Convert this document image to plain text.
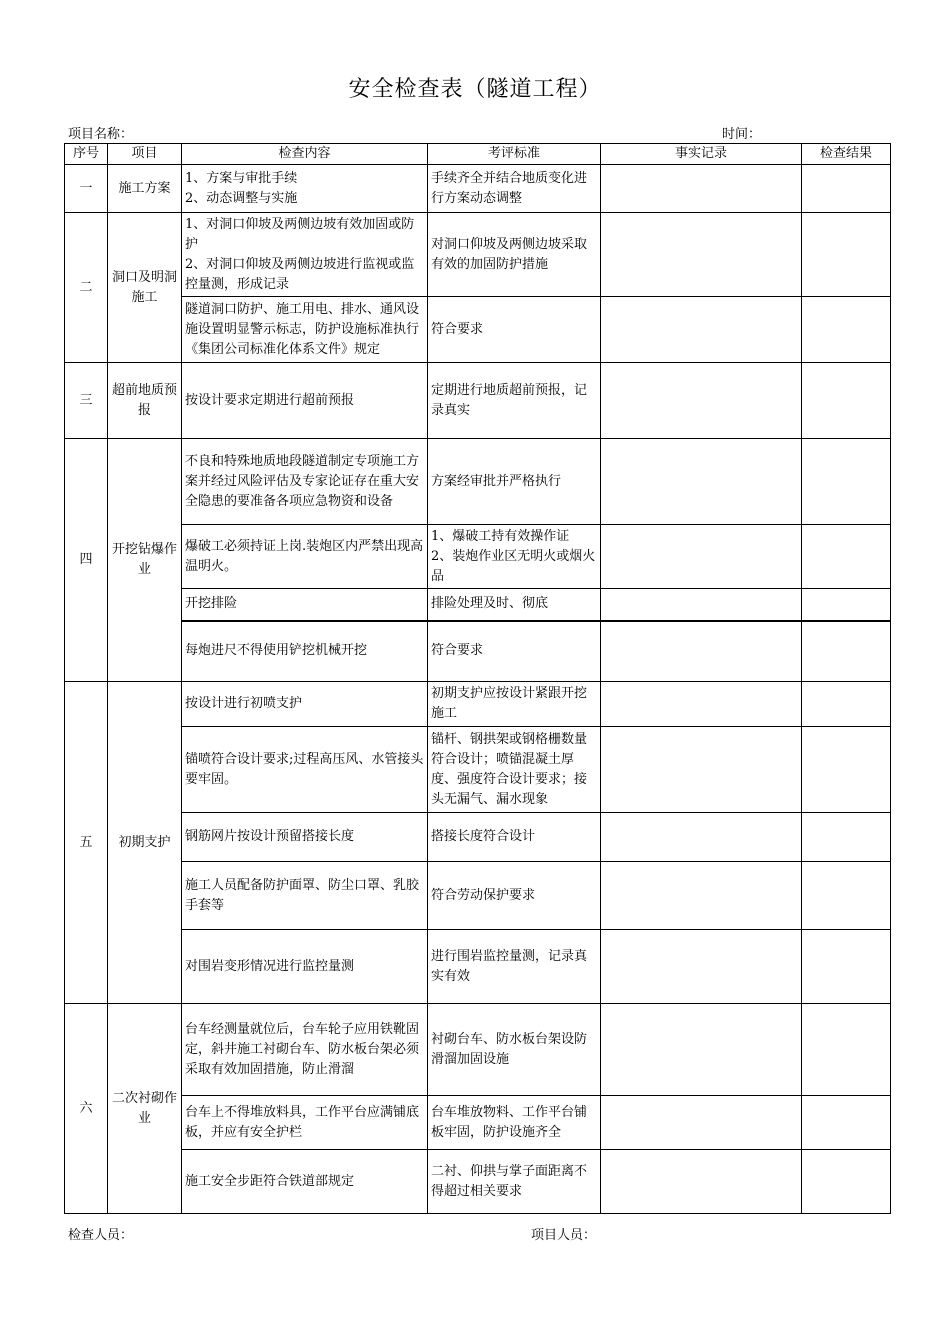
安全检查表（隧道工程）
项目名称：	时间：
序号	项目	检查内容	考评标准	事实记录	检查结果
一	施工方案	1、方案与审批手续
2、动态调整与实施	手续齐全并结合地质变化进行方案动态调整		
二	洞口及明洞施工	1、对洞口仰坡及两侧边坡有效加固或防护
2、对洞口仰坡及两侧边坡进行监视或监控量测，形成记录	对洞口仰坡及两侧边坡采取有效的加固防护措施		
		隧道洞口防护、施工用电、排水、通风设施设置明显警示标志，防护设施标准执行《集团公司标准化体系文件》规定	符合要求		
三	超前地质预报	按设计要求定期进行超前预报	定期进行地质超前预报，记录真实		
四	开挖钻爆作业	不良和特殊地质地段隧道制定专项施工方案并经过风险评估及专家论证存在重大安全隐患的要准备各项应急物资和设备	方案经审批并严格执行		
		爆破工必须持证上岗.装炮区内严禁出现高温明火。	1、爆破工持有效操作证
2、装炮作业区无明火或烟火品		
		开挖排险	排险处理及时、彻底		
		每炮进尺不得使用铲挖机械开挖	符合要求		
五	初期支护	按设计进行初喷支护	初期支护应按设计紧跟开挖施工		
		锚喷符合设计要求;过程高压风、水管接头要牢固。	锚杆、钢拱架或钢格栅数量符合设计；喷锚混凝土厚度、强度符合设计要求；接头无漏气、漏水现象		
		钢筋网片按设计预留搭接长度	搭接长度符合设计		
		施工人员配备防护面罩、防尘口罩、乳胶手套等	符合劳动保护要求		
		对围岩变形情况进行监控量测	进行围岩监控量测，记录真实有效		
六	二次衬砌作业	台车经测量就位后，台车轮子应用铁靴固定，斜井施工衬砌台车、防水板台架必须采取有效加固措施，防止滑溜	衬砌台车、防水板台架设防滑溜加固设施		
		台车上不得堆放料具，工作平台应满铺底板，并应有安全护栏	台车堆放物料、工作平台铺板牢固，防护设施齐全		
		施工安全步距符合铁道部规定	二衬、仰拱与掌子面距离不得超过相关要求		
检查人员：	项目人员：
